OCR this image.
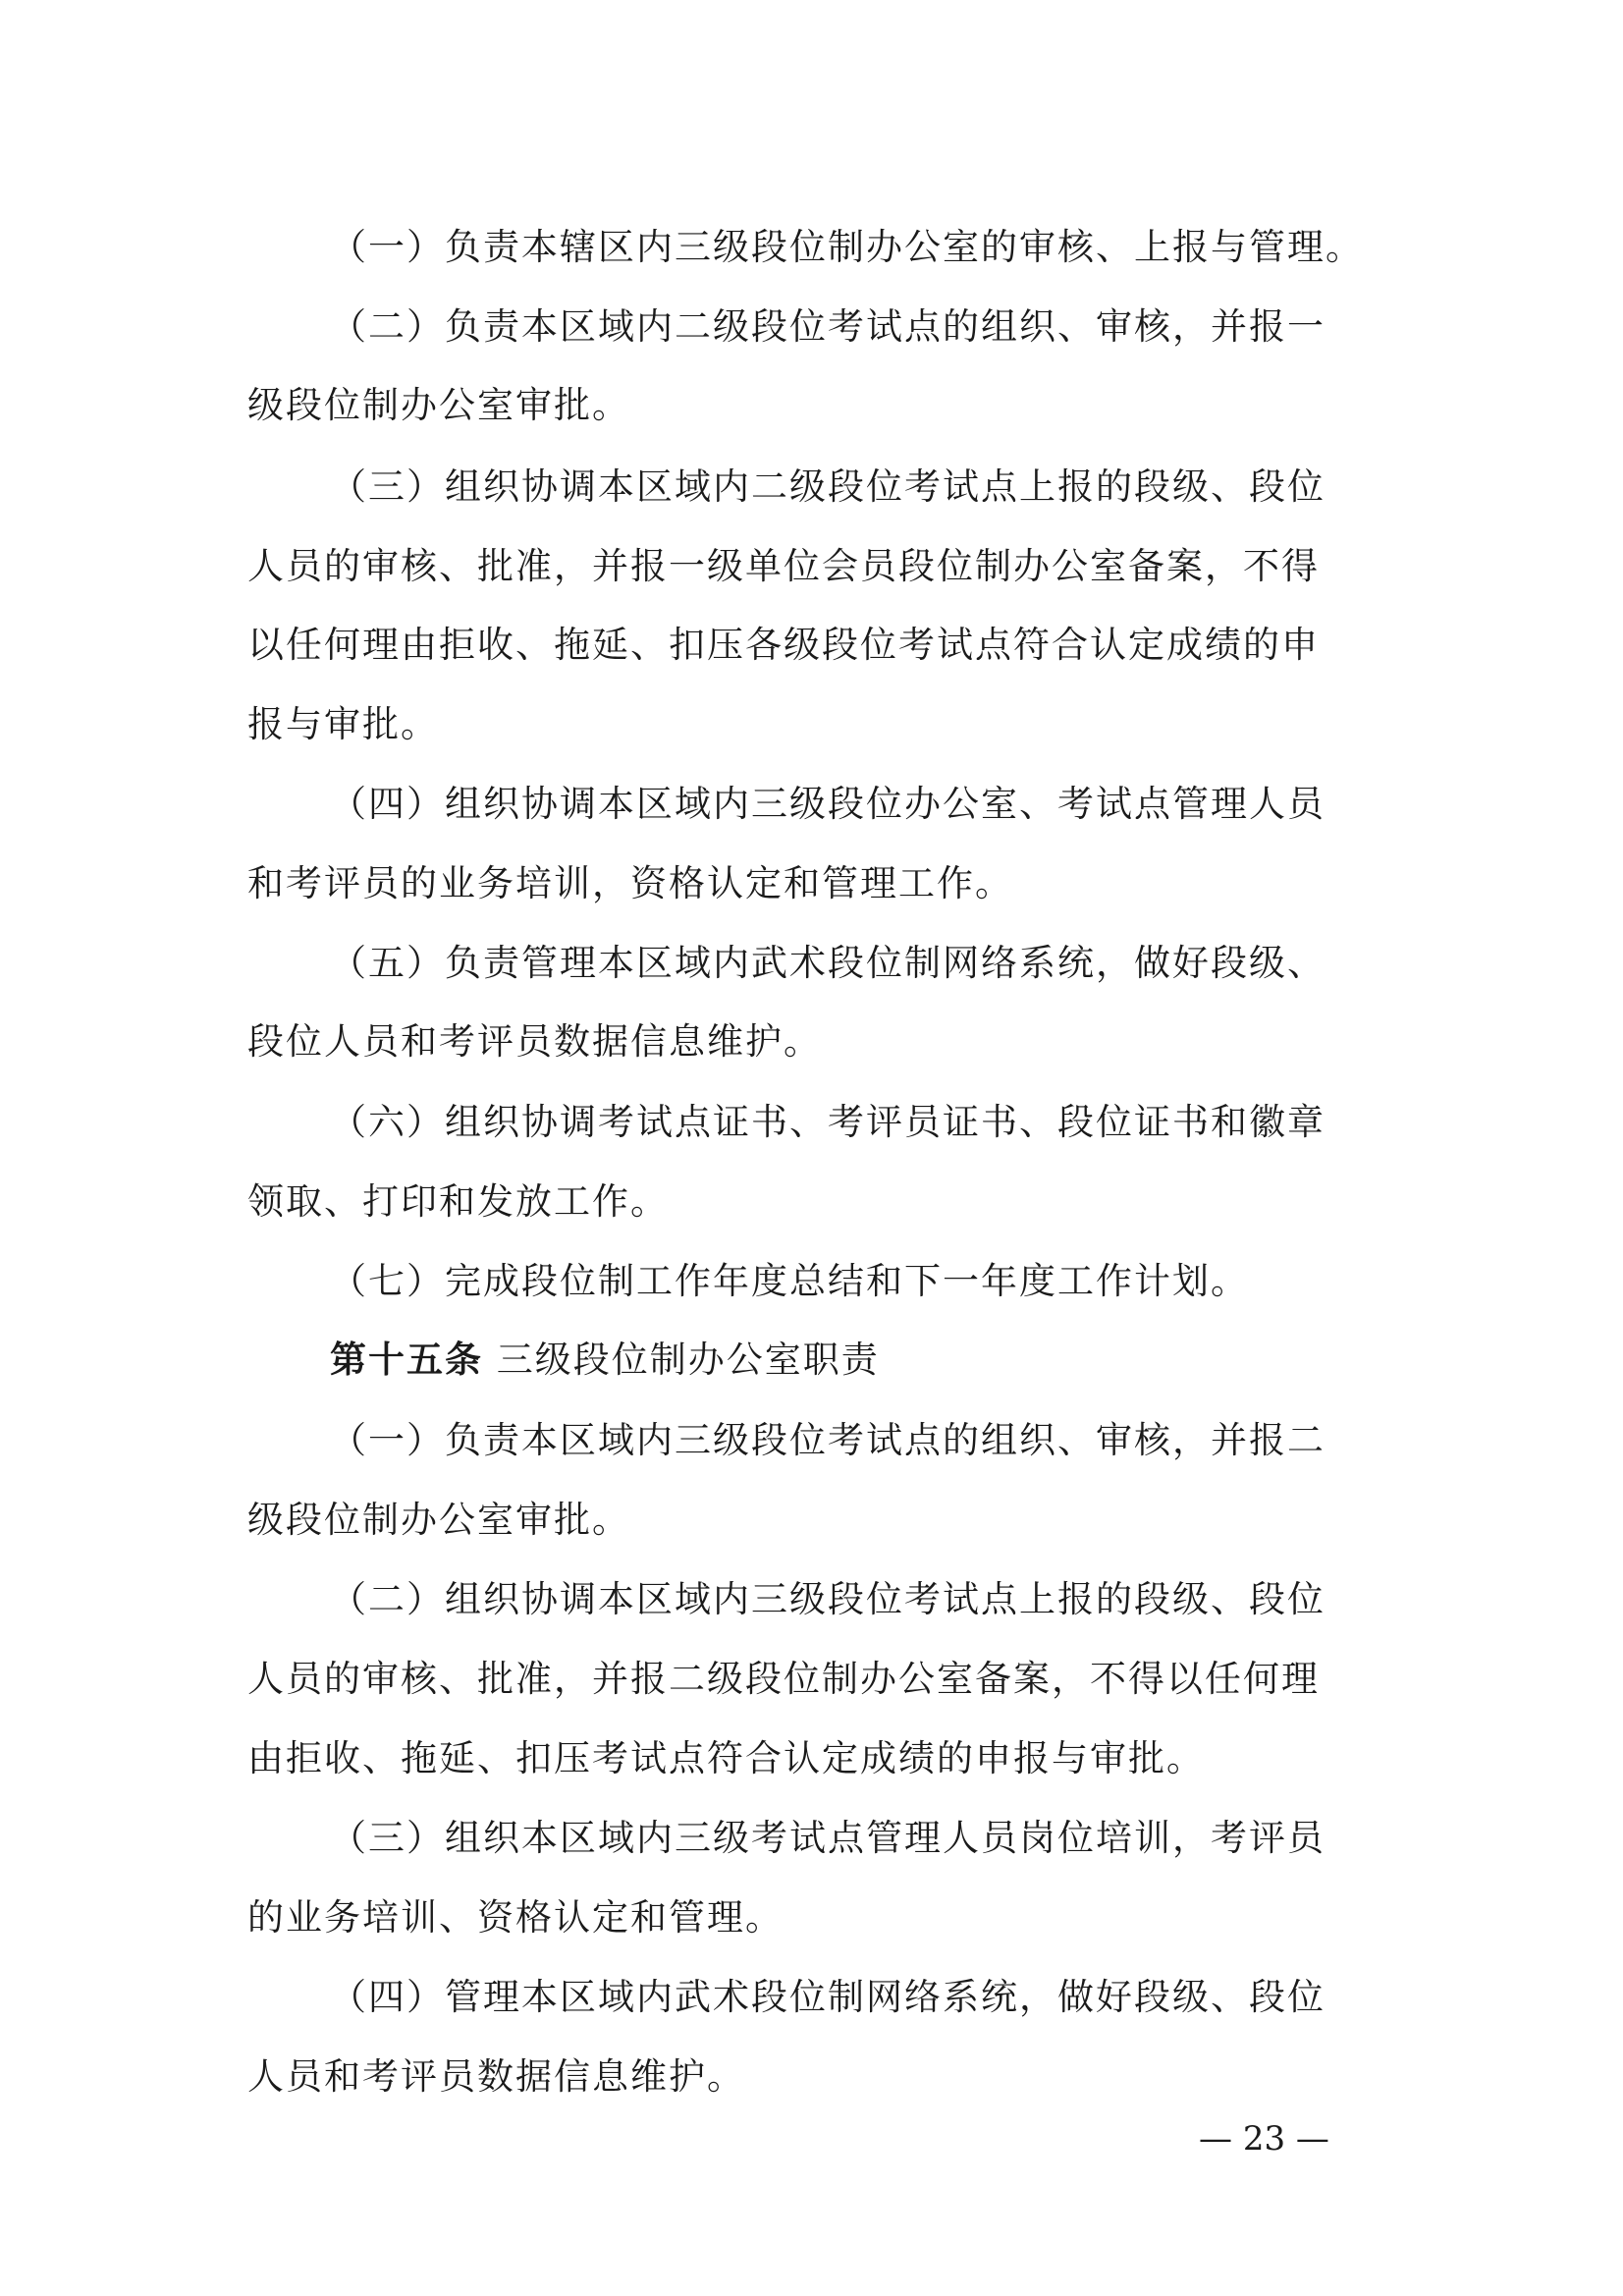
（一）负责本辖区内三级段位制办公室的审核、上报与管理。
（二）负责本区域内二级段位考试点的组织、审核，并报一
级段位制办公室审批。
（三）组织协调本区域内二级段位考试点上报的段级、段位
人员的审核、批准，并报一级单位会员段位制办公室备案，不得
以任何理由拒收、拖延、扣压各级段位考试点符合认定成绩的申
报与审批。
（四）组织协调本区域内三级段位办公室、考试点管理人员
和考评员的业务培训，资格认定和管理工作。
（五）负责管理本区域内武术段位制网络系统，做好段级、
段位人员和考评员数据信息维护。
（六）组织协调考试点证书、考评员证书、段位证书和徽章
领取、打印和发放工作。
（七）完成段位制工作年度总结和下一年度工作计划。
第十五条 三级段位制办公室职责
（一）负责本区域内三级段位考试点的组织、审核，并报二
级段位制办公室审批。
（二）组织协调本区域内三级段位考试点上报的段级、段位
人员的审核、批准，并报二级段位制办公室备案，不得以任何理
由拒收、拖延、扣压考试点符合认定成绩的申报与审批。
（三）组织本区域内三级考试点管理人员岗位培训，考评员
的业务培训、资格认定和管理。
（四）管理本区域内武术段位制网络系统，做好段级、段位
人员和考评员数据信息维护。
— 23 —
